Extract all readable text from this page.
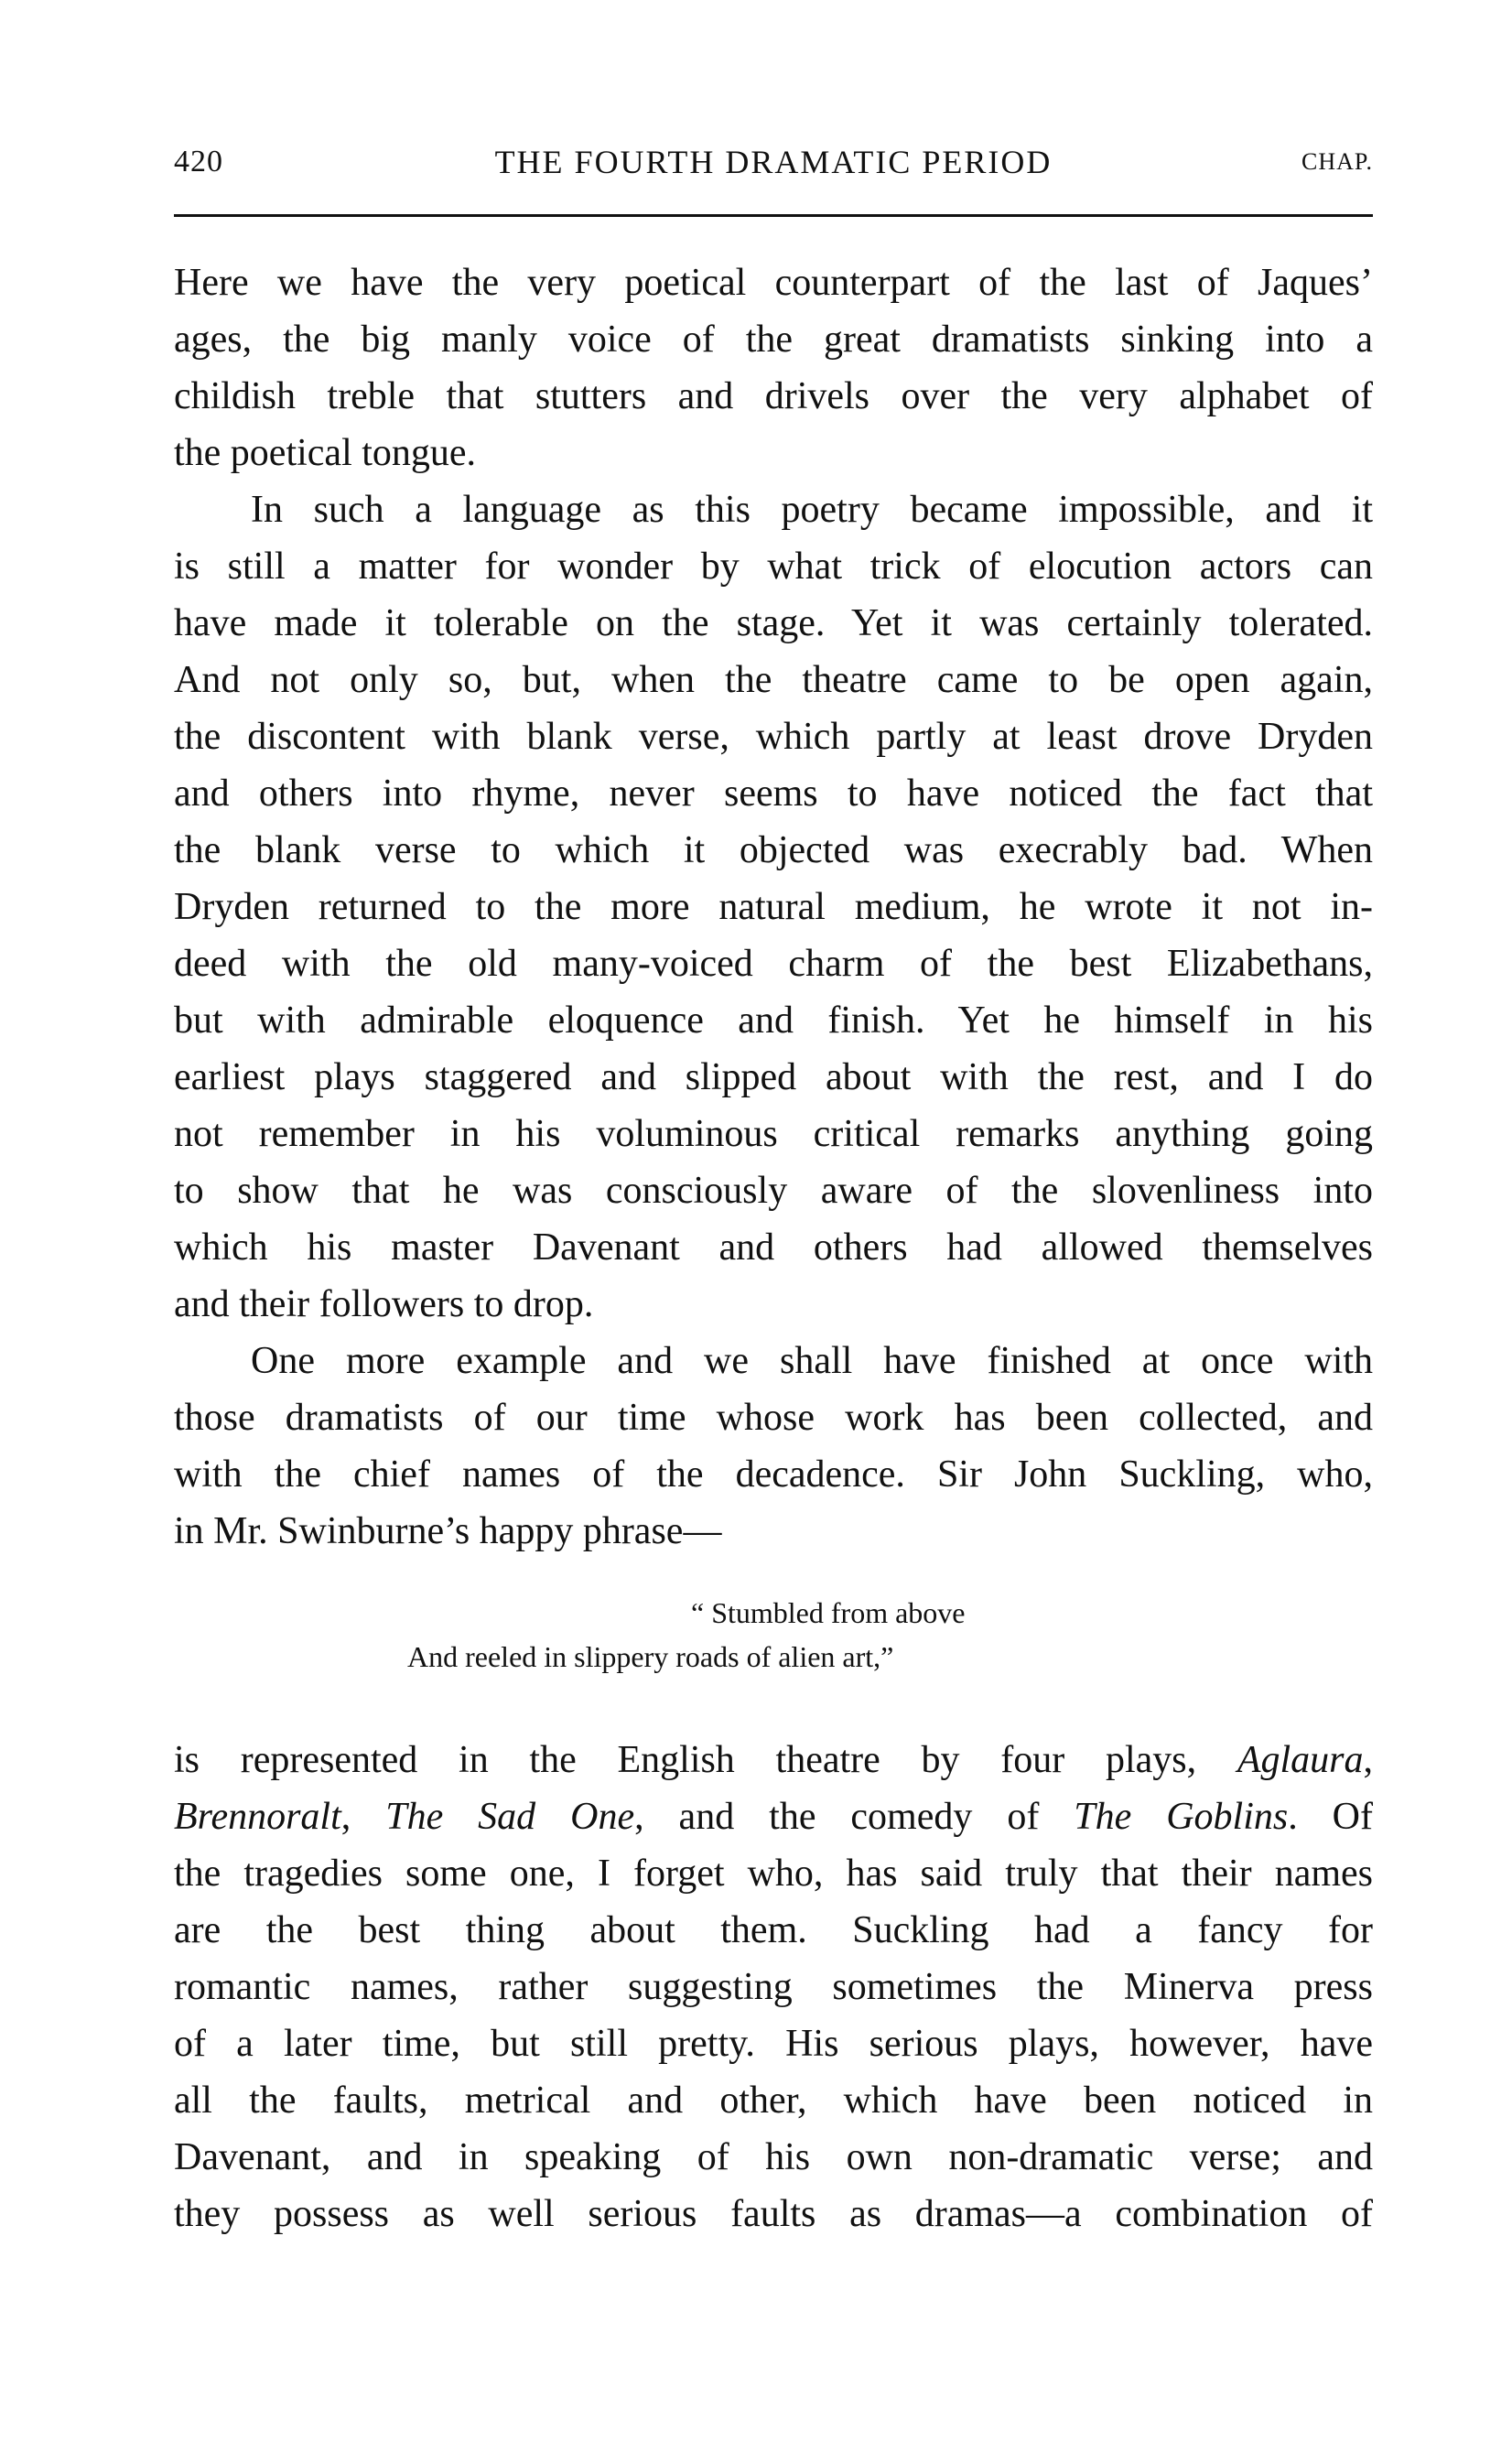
420	THE FOURTH DRAMATIC PERIOD	CHAP.
Here we have the very poetical counterpart of the last of Jaques’
ages, the big manly voice of the great dramatists sinking into a
childish treble that stutters and drivels over the very alphabet of
the poetical tongue.
In such a language as this poetry became impossible, and it
is still a matter for wonder by what trick of elocution actors can
have made it tolerable on the stage. Yet it was certainly tolerated.
And not only so, but, when the theatre came to be open again,
the discontent with blank verse, which partly at least drove Dryden
and others into rhyme, never seems to have noticed the fact that
the blank verse to which it objected was execrably bad. When
Dryden returned to the more natural medium, he wrote it not in-
deed with the old many-voiced charm of the best Elizabethans,
but with admirable eloquence and finish. Yet he himself in his
earliest plays staggered and slipped about with the rest, and I do
not remember in his voluminous critical remarks anything going
to show that he was consciously aware of the slovenliness into
which his master Davenant and others had allowed themselves
and their followers to drop.
One more example and we shall have finished at once with
those dramatists of our time whose work has been collected, and
with the chief names of the decadence. Sir John Suckling, who,
in Mr. Swinburne’s happy phrase—
“ Stumbled from above
And reeled in slippery roads of alien art,”
is represented in the English theatre by four plays, Aglaura,
Brennoralt, The Sad One, and the comedy of The Goblins. Of
the tragedies some one, I forget who, has said truly that their names
are the best thing about them. Suckling had a fancy for
romantic names, rather suggesting sometimes the Minerva press
of a later time, but still pretty. His serious plays, however, have
all the faults, metrical and other, which have been noticed in
Davenant, and in speaking of his own non-dramatic verse; and
they possess as well serious faults as dramas—a combination of
